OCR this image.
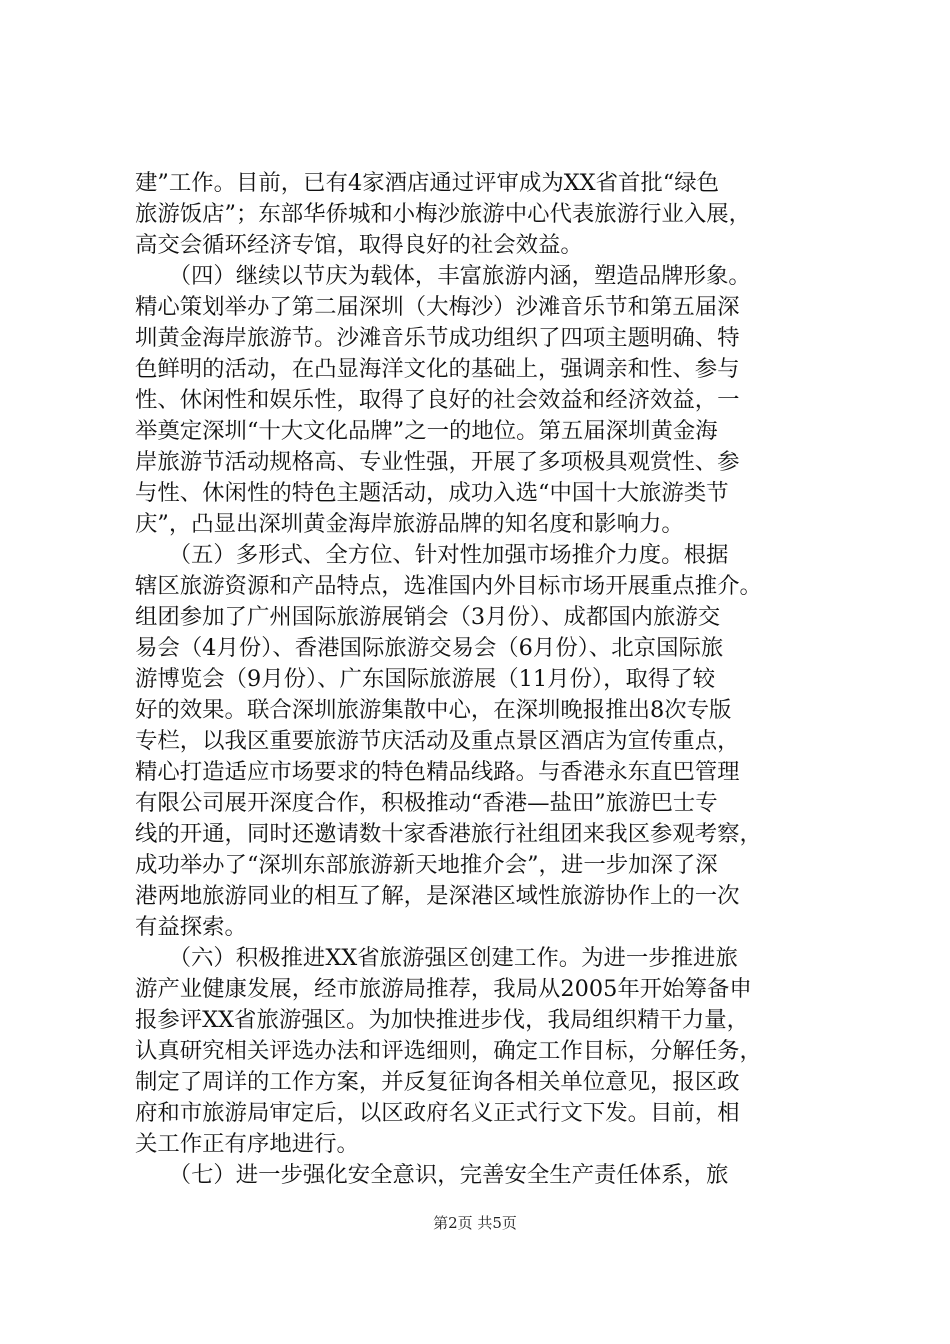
建”工作。目前，已有4家酒店通过评审成为XX省首批“绿色
旅游饭店”；东部华侨城和小梅沙旅游中心代表旅游行业入展，
高交会循环经济专馆，取得良好的社会效益。
　　（四）继续以节庆为载体，丰富旅游内涵，塑造品牌形象。
精心策划举办了第二届深圳（大梅沙）沙滩音乐节和第五届深
圳黄金海岸旅游节。沙滩音乐节成功组织了四项主题明确、特
色鲜明的活动，在凸显海洋文化的基础上，强调亲和性、参与
性、休闲性和娱乐性，取得了良好的社会效益和经济效益，一
举奠定深圳“十大文化品牌”之一的地位。第五届深圳黄金海
岸旅游节活动规格高、专业性强，开展了多项极具观赏性、参
与性、休闲性的特色主题活动，成功入选“中国十大旅游类节
庆”，凸显出深圳黄金海岸旅游品牌的知名度和影响力。
　　（五）多形式、全方位、针对性加强市场推介力度。根据
辖区旅游资源和产品特点，选准国内外目标市场开展重点推介。
组团参加了广州国际旅游展销会（3月份）、成都国内旅游交
易会（4月份）、香港国际旅游交易会（6月份）、北京国际旅
游博览会（9月份）、广东国际旅游展（11月份），取得了较
好的效果。联合深圳旅游集散中心，在深圳晚报推出8次专版
专栏，以我区重要旅游节庆活动及重点景区酒店为宣传重点，
精心打造适应市场要求的特色精品线路。与香港永东直巴管理
有限公司展开深度合作，积极推动“香港—盐田”旅游巴士专
线的开通，同时还邀请数十家香港旅行社组团来我区参观考察，
成功举办了“深圳东部旅游新天地推介会”，进一步加深了深
港两地旅游同业的相互了解，是深港区域性旅游协作上的一次
有益探索。
　　（六）积极推进XX省旅游强区创建工作。为进一步推进旅
游产业健康发展，经市旅游局推荐，我局从2005年开始筹备申
报参评XX省旅游强区。为加快推进步伐，我局组织精干力量，
认真研究相关评选办法和评选细则，确定工作目标，分解任务，
制定了周详的工作方案，并反复征询各相关单位意见，报区政
府和市旅游局审定后，以区政府名义正式行文下发。目前，相
关工作正有序地进行。
　　（七）进一步强化安全意识，完善安全生产责任体系，旅
第2页 共5页
